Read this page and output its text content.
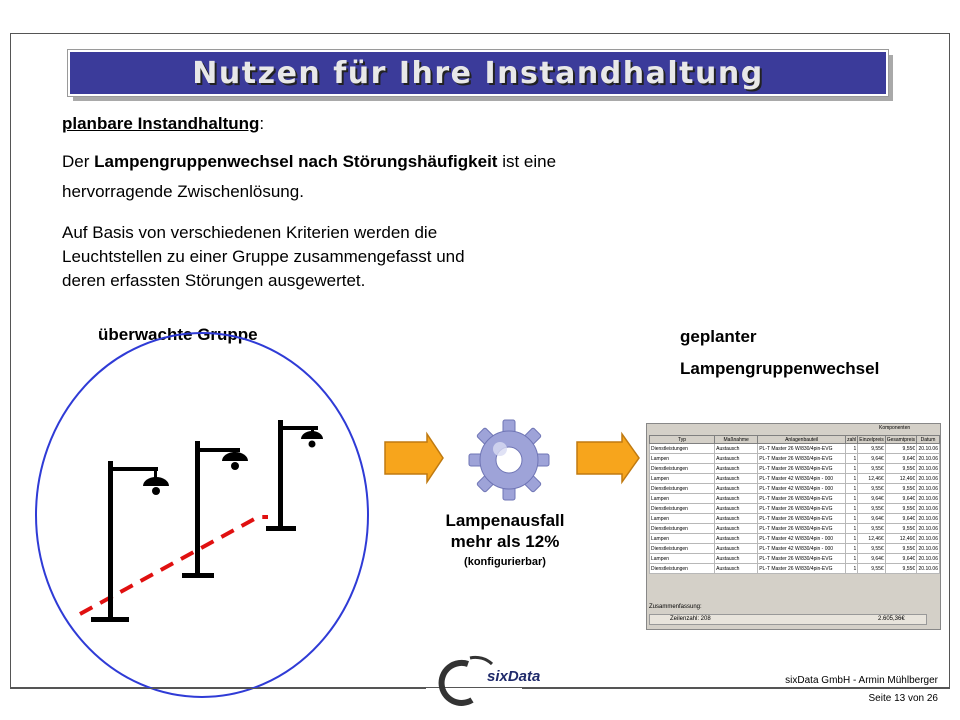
Nutzen für Ihre Instandhaltung
planbare Instandhaltung:
Der Lampengruppenwechsel nach Störungshäufigkeit ist eine
hervorragende Zwischenlösung.
Auf Basis von verschiedenen Kriterien werden die
Leuchtstellen zu einer Gruppe zusammengefasst und
deren erfassten Störungen ausgewertet.
überwachte Gruppe	geplanter
Lampengruppenwechsel
Lampenausfall
mehr als 12%
(konfigurierbar)
Komponenten
Typ	Maßnahme	Anlagenbauteil	zahl	Einzelpreis	Gesamtpreis	Datum
Dienstleistungen	Austausch	PL-T Master 26 W/830/4pin-EVG	1	9,55€	9,55€	20.10.06
Lampen	Austausch	PL-T Master 26 W/830/4pin-EVG	1	9,64€	9,64€	20.10.06
Dienstleistungen	Austausch	PL-T Master 26 W/830/4pin-EVG	1	9,55€	9,55€	20.10.06
Lampen	Austausch	PL-T Master 42 W/830/4pin - 000	1	12,46€	12,46€	20.10.06
Dienstleistungen	Austausch	PL-T Master 42 W/830/4pin - 000	1	9,55€	9,55€	20.10.06
Lampen	Austausch	PL-T Master 26 W/830/4pin-EVG	1	9,64€	9,64€	20.10.06
Dienstleistungen	Austausch	PL-T Master 26 W/830/4pin-EVG	1	9,55€	9,55€	20.10.06
Lampen	Austausch	PL-T Master 26 W/830/4pin-EVG	1	9,64€	9,64€	20.10.06
Dienstleistungen	Austausch	PL-T Master 26 W/830/4pin-EVG	1	9,55€	9,55€	20.10.06
Lampen	Austausch	PL-T Master 42 W/830/4pin - 000	1	12,46€	12,46€	20.10.06
Dienstleistungen	Austausch	PL-T Master 42 W/830/4pin - 000	1	9,55€	9,55€	20.10.06
Lampen	Austausch	PL-T Master 26 W/830/4pin-EVG	1	9,64€	9,64€	20.10.06
Dienstleistungen	Austausch	PL-T Master 26 W/830/4pin-EVG	1	9,55€	9,55€	20.10.06
Zusammenfassung:
Zeilenzahl: 208	2.605,36€
sixData	sixData GmbH - Armin Mühlberger
Seite 13 von 26
